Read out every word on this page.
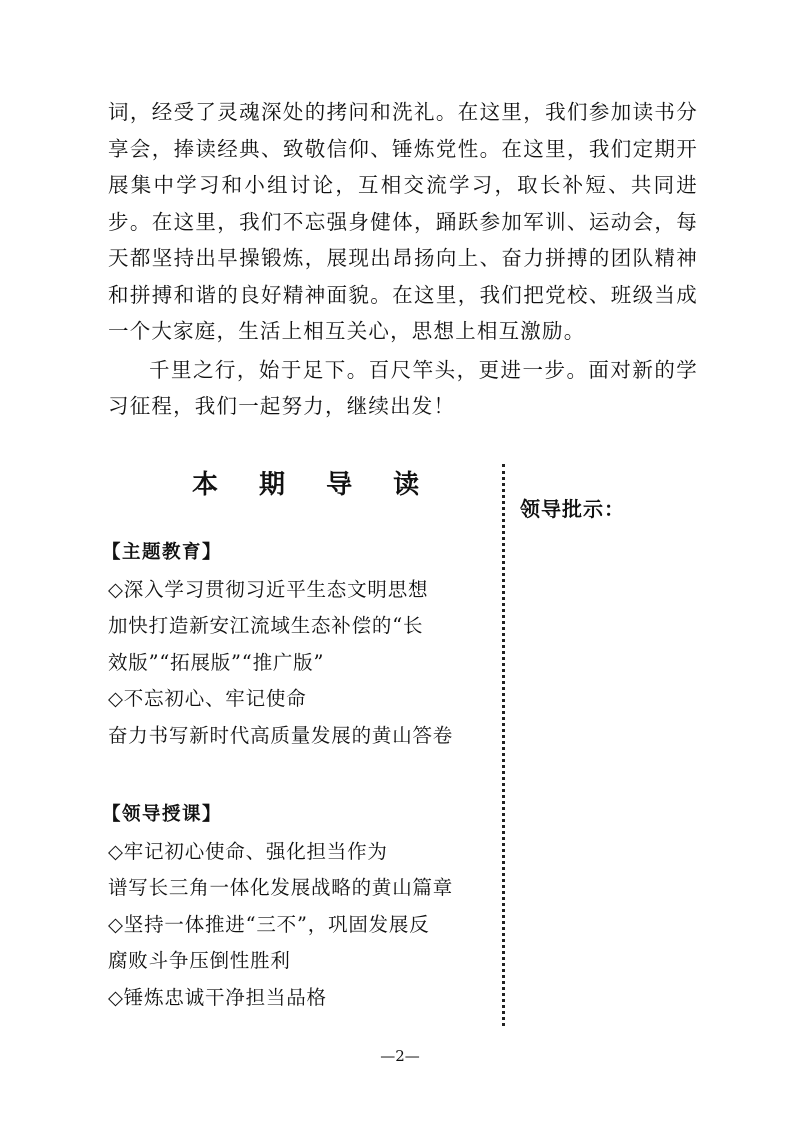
词，经受了灵魂深处的拷问和洗礼。在这里，我们参加读书分享会，捧读经典、致敬信仰、锤炼党性。在这里，我们定期开展集中学习和小组讨论，互相交流学习，取长补短、共同进步。在这里，我们不忘强身健体，踊跃参加军训、运动会，每天都坚持出早操锻炼，展现出昂扬向上、奋力拼搏的团队精神和拼搏和谐的良好精神面貌。在这里，我们把党校、班级当成一个大家庭，生活上相互关心，思想上相互激励。

千里之行，始于足下。百尺竿头，更进一步。面对新的学习征程，我们一起努力，继续出发！

本 期 导 读
【主题教育】
◇深入学习贯彻习近平生态文明思想
加快打造新安江流域生态补偿的“长
效版”“拓展版”“推广版”
◇不忘初心、牢记使命
奋力书写新时代高质量发展的黄山答卷
【领导授课】
◇牢记初心使命、强化担当作为
谱写长三角一体化发展战略的黄山篇章
◇坚持一体推进“三不”，巩固发展反
腐败斗争压倒性胜利
◇锤炼忠诚干净担当品格
领导批示：
—2—
